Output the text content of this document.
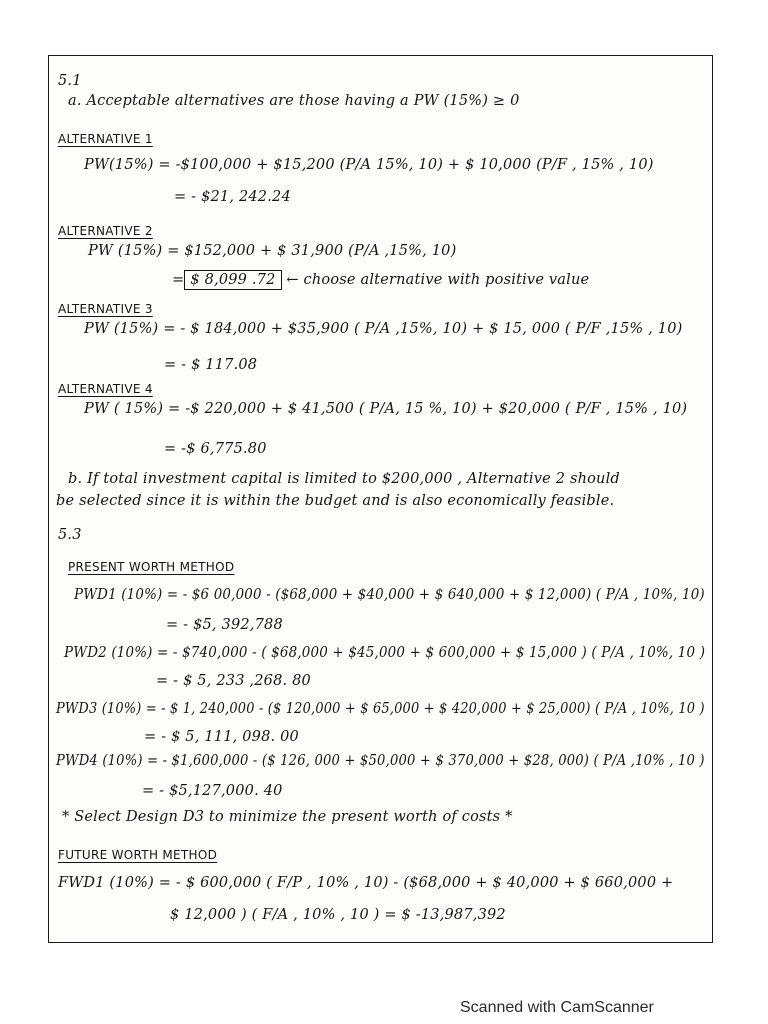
5.1
a. Acceptable alternatives are those having a PW (15%) ≥ 0
ALTERNATIVE 1
PW(15%) = -$100,000 + $15,200 (P/A 15%, 10) + $ 10,000 (P/F , 15% , 10)
= - $21, 242.24
ALTERNATIVE 2
PW (15%) = $152,000 + $ 31,900 (P/A ,15%, 10)
= $ 8,099 .72 ← choose alternative with positive value
ALTERNATIVE 3
PW (15%) = - $ 184,000 + $35,900 ( P/A ,15%, 10) + $ 15, 000 ( P/F ,15% , 10)
= - $ 117.08
ALTERNATIVE 4
PW ( 15%) = -$ 220,000 + $ 41,500 ( P/A, 15 %, 10) + $20,000 ( P/F , 15% , 10)
= -$ 6,775.80
b. If total investment capital is limited to $200,000 , Alternative 2 should
be selected since it is within the budget and is also economically feasible.
5.3
PRESENT WORTH METHOD
PWD1 (10%) = - $6 00,000 - ($68,000 + $40,000 + $ 640,000 + $ 12,000) ( P/A , 10%, 10)
= - $5, 392,788
PWD2 (10%) = - $740,000 - ( $68,000 + $45,000 + $ 600,000 + $ 15,000 ) ( P/A , 10%, 10 )
= - $ 5, 233 ,268. 80
PWD3 (10%) = - $ 1, 240,000 - ($ 120,000 + $ 65,000 + $ 420,000 + $ 25,000) ( P/A , 10%, 10 )
= - $ 5, 111, 098. 00
PWD4 (10%) = - $1,600,000 - ($ 126, 000 + $50,000 + $ 370,000 + $28, 000) ( P/A ,10% , 10 )
= - $5,127,000. 40
* Select Design D3 to minimize the present worth of costs *
FUTURE WORTH METHOD
FWD1 (10%) = - $ 600,000 ( F/P , 10% , 10) - ($68,000 + $ 40,000 + $ 660,000 +
$ 12,000 ) ( F/A , 10% , 10 ) = $ -13,987,392
Scanned with CamScanner
